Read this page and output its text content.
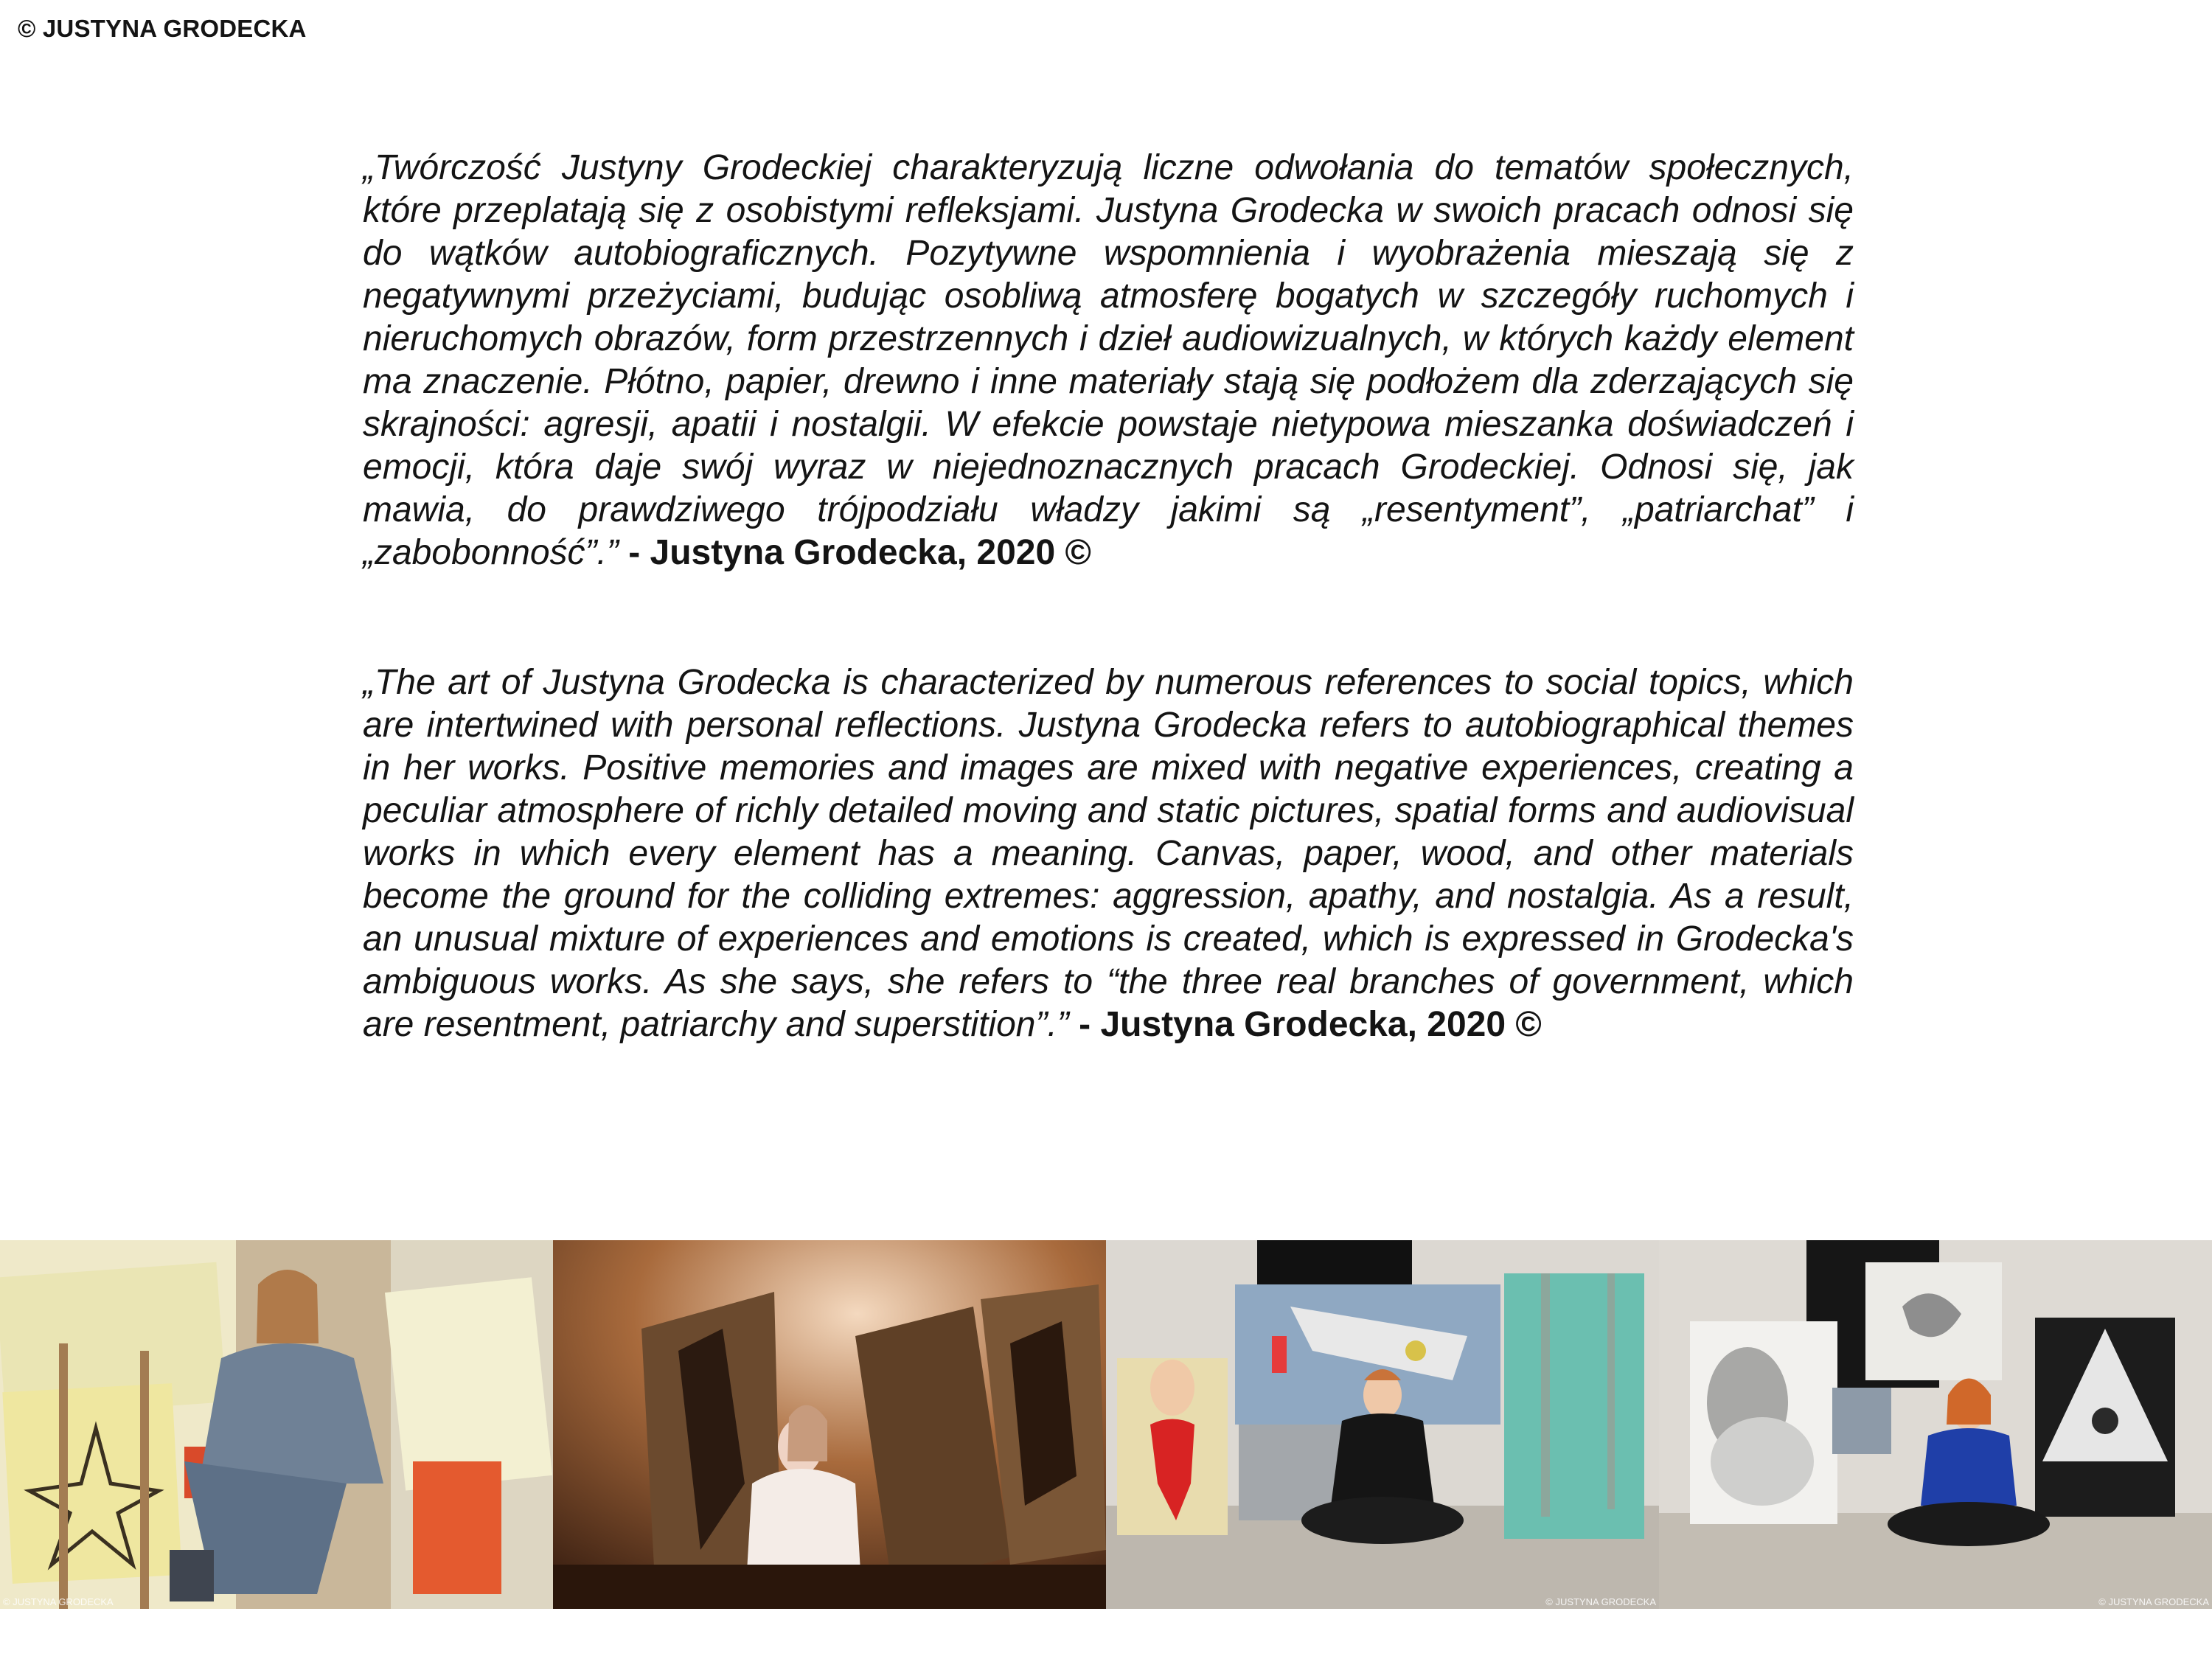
© JUSTYNA GRODECKA

„Twórczość Justyny Grodeckiej charakteryzują liczne odwołania do tematów społecznych, które przeplatają się z osobistymi refleksjami. Justyna Grodecka w swoich pracach odnosi się do wątków autobiograficznych. Pozytywne wspomnienia i wyobrażenia mieszają się z negatywnymi przeżyciami, budując osobliwą atmosferę bogatych w szczegóły ruchomych i nieruchomych obrazów, form przestrzennych i dzieł audiowizualnych, w których każdy element ma znaczenie. Płótno, papier, drewno i inne materiały stają się podłożem dla zderzających się skrajności: agresji, apatii i nostalgii. W efekcie powstaje nietypowa mieszanka doświadczeń i emocji, która daje swój wyraz w niejednoznacznych pracach Grodeckiej. Odnosi się, jak mawia, do prawdziwego trójpodziału władzy jakimi są „resentyment”, „patriarchat” i „zabobonność”.” - Justyna Grodecka, 2020 ©

„The art of Justyna Grodecka is characterized by numerous references to social topics, which are intertwined with personal reflections. Justyna Grodecka refers to autobiographical themes in her works. Positive memories and images are mixed with negative experiences, creating a peculiar atmosphere of richly detailed moving and static pictures, spatial forms and audiovisual works in which every element has a meaning. Canvas, paper, wood, and other materials become the ground for the colliding extremes: aggression, apathy, and nostalgia. As a result, an unusual mixture of experiences and emotions is created, which is expressed in Grodecka's ambiguous works. As she says, she refers to “the three real branches of government, which are resentment, patriarchy and superstition”.” - Justyna Grodecka, 2020 ©

© JUSTYNA GRODECKA	© JUSTYNA GRODECKA	© JUSTYNA GRODECKA
